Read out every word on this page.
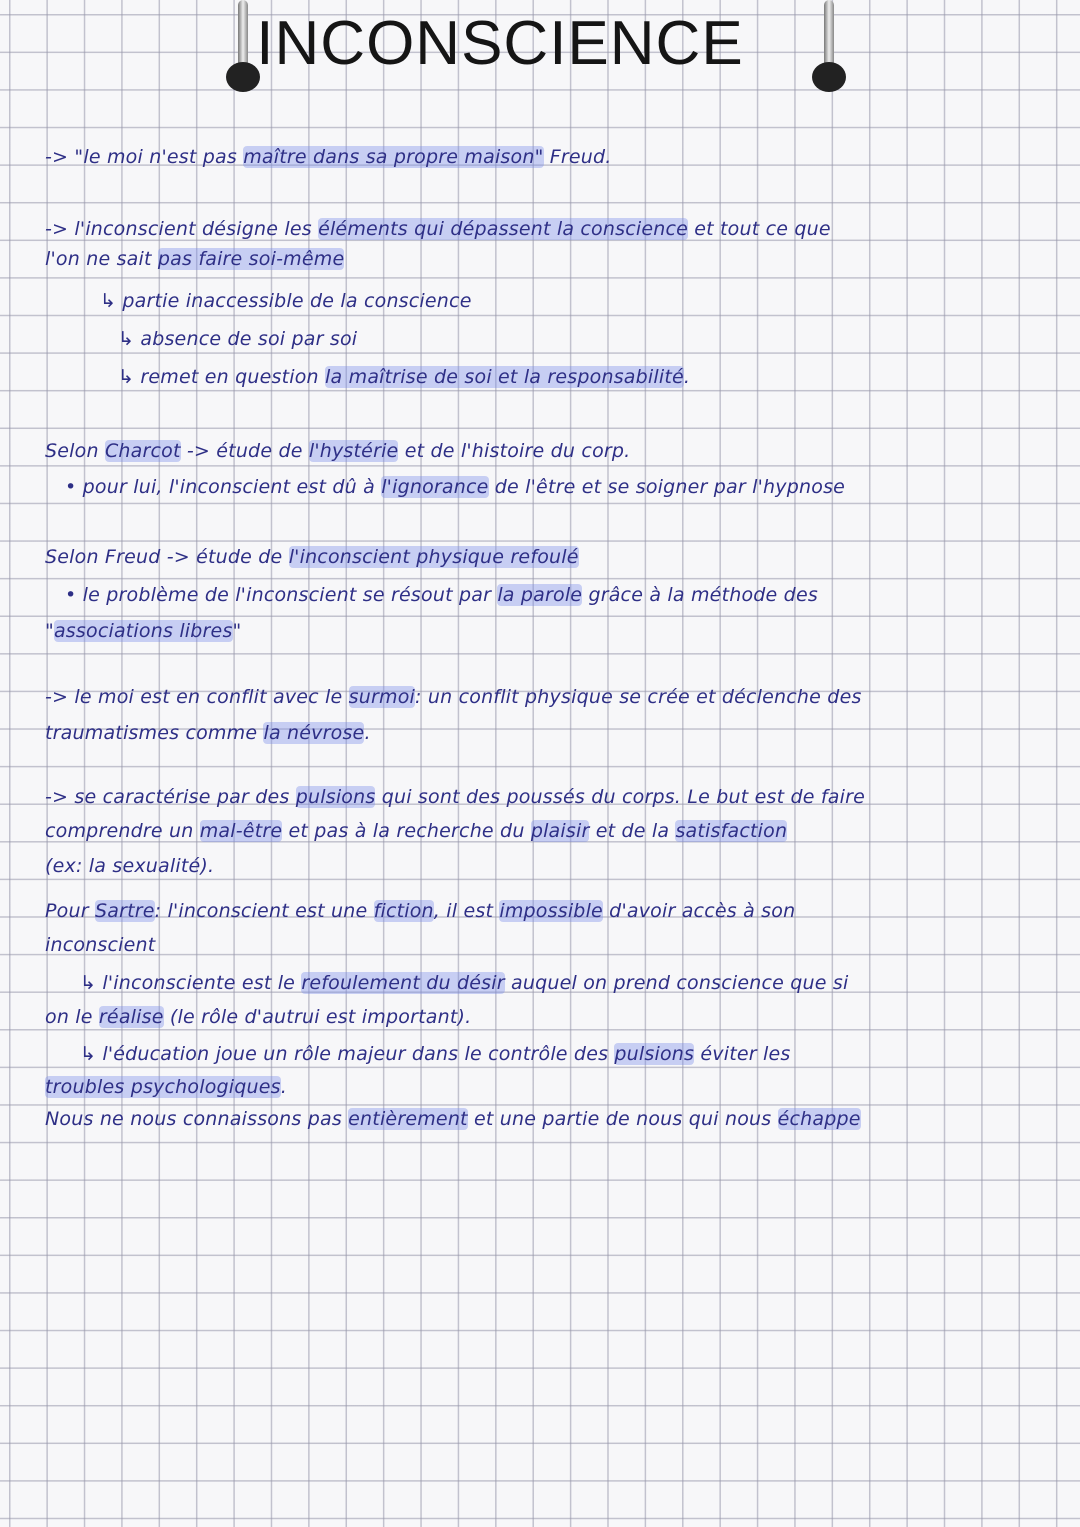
INCONSCIENCE
-> "le moi n'est pas maître dans sa propre maison" Freud.
-> l'inconscient désigne les éléments qui dépassent la conscience et tout ce que
l'on ne sait pas faire soi-même
↳ partie inaccessible de la conscience
↳ absence de soi par soi
↳ remet en question la maîtrise de soi et la responsabilité.
Selon Charcot -> étude de l'hystérie et de l'histoire du corp.
• pour lui, l'inconscient est dû à l'ignorance de l'être et se soigner par l'hypnose
Selon Freud -> étude de l'inconscient physique refoulé
• le problème de l'inconscient se résout par la parole grâce à la méthode des
"associations libres"
-> le moi est en conflit avec le surmoi: un conflit physique se crée et déclenche des
traumatismes comme la névrose.
-> se caractérise par des pulsions qui sont des poussés du corps. Le but est de faire
comprendre un mal-être et pas à la recherche du plaisir et de la satisfaction
(ex: la sexualité).
Pour Sartre: l'inconscient est une fiction, il est impossible d'avoir accès à son
inconscient
↳ l'inconsciente est le refoulement du désir auquel on prend conscience que si
on le réalise (le rôle d'autrui est important).
↳ l'éducation joue un rôle majeur dans le contrôle des pulsions éviter les
troubles psychologiques.
Nous ne nous connaissons pas entièrement et une partie de nous qui nous échappe
